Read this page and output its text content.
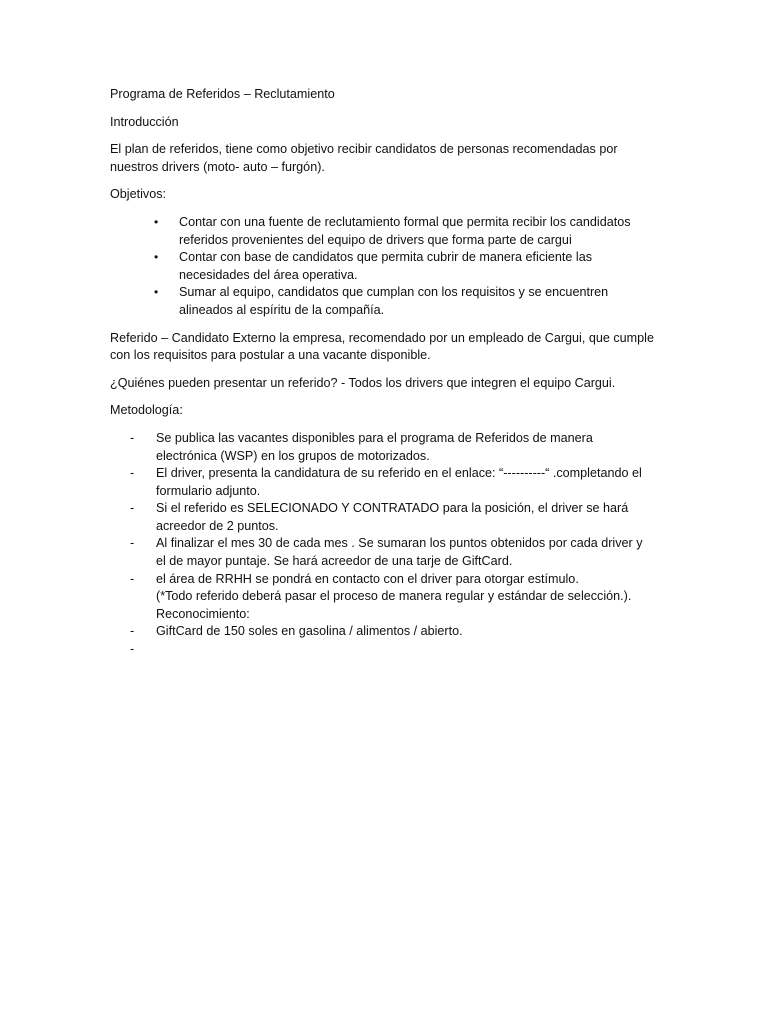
Programa de Referidos – Reclutamiento

Introducción

El plan de referidos, tiene como objetivo recibir candidatos de personas recomendadas por nuestros drivers (moto- auto – furgón).

Objetivos:

• Contar con una fuente de reclutamiento formal que permita recibir los candidatos referidos provenientes del equipo de drivers que forma parte de cargui
• Contar con base de candidatos que permita cubrir de manera eficiente las necesidades del área operativa.
• Sumar al equipo, candidatos que cumplan con los requisitos y se encuentren alineados al espíritu de la compañía.

Referido – Candidato Externo la empresa, recomendado por un empleado de Cargui, que cumple con los requisitos para postular a una vacante disponible.

¿Quiénes pueden presentar un referido? - Todos los drivers que integren el equipo Cargui.

Metodología:

- Se publica las vacantes disponibles para el programa de Referidos de manera electrónica (WSP) en los grupos de motorizados.
- El driver, presenta la candidatura de su referido en el enlace: “----------“ .completando el formulario adjunto.
- Si el referido es SELECIONADO Y CONTRATADO para la posición, el driver se hará acreedor de 2 puntos.
- Al finalizar el mes 30 de cada mes . Se sumaran los puntos obtenidos por cada driver y el de mayor puntaje. Se hará acreedor de una tarje de GiftCard.
- el área de RRHH se pondrá en contacto con el driver para otorgar estímulo.
(*Todo referido deberá pasar el proceso de manera regular y estándar de selección.).
Reconocimiento:
- GiftCard de 150 soles en gasolina / alimentos / abierto.
-
